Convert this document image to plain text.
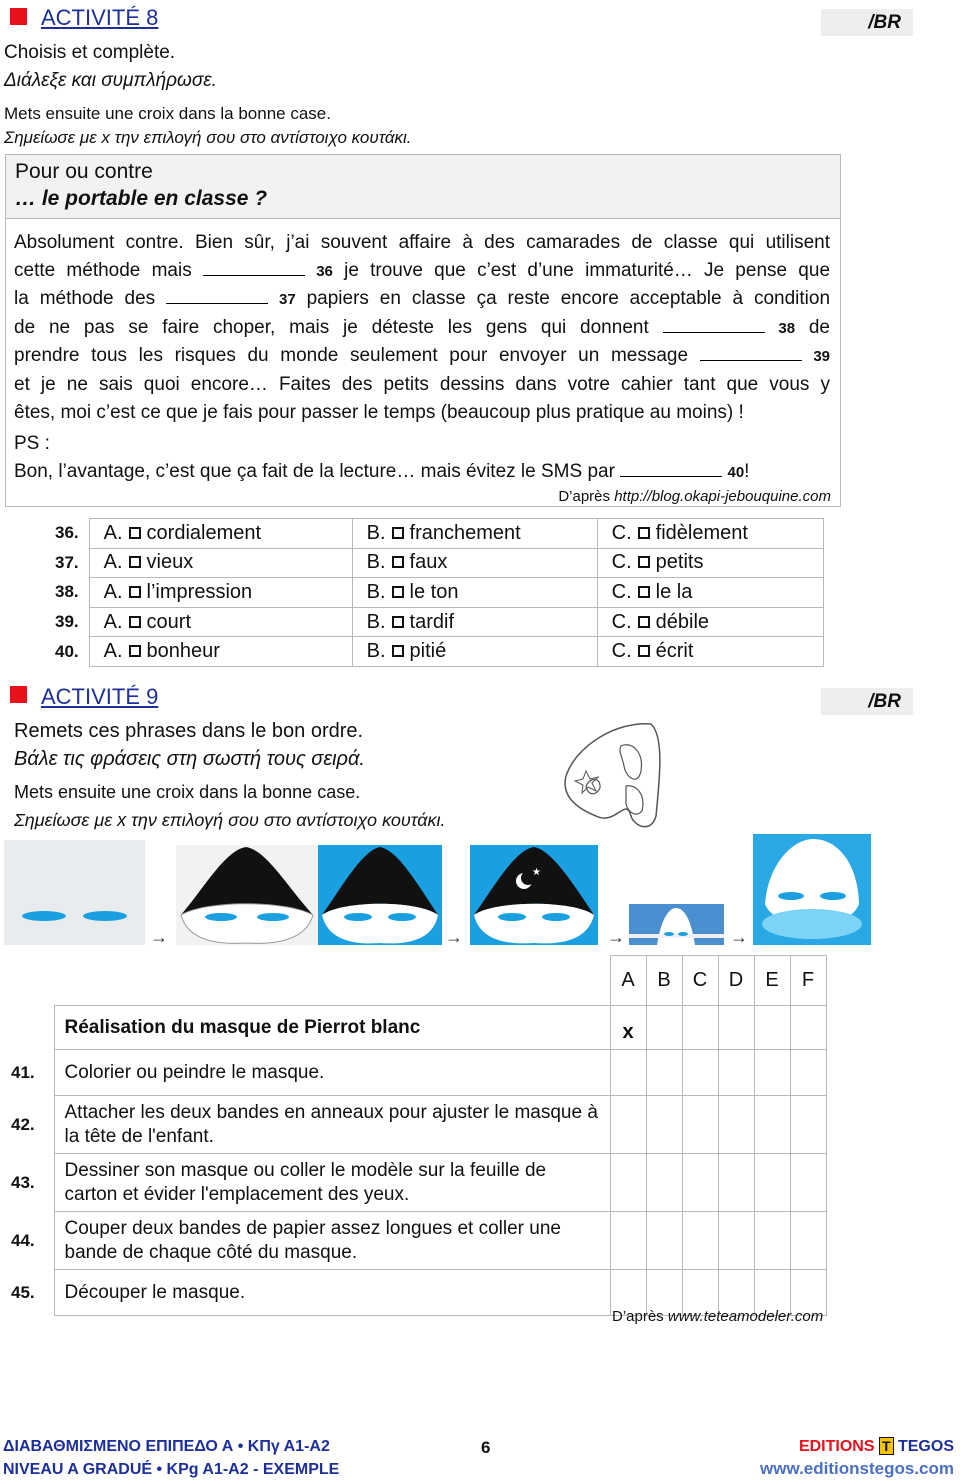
ACTIVITÉ 8	/BR
Choisis et complète.
Διάλεξε και συμπλήρωσε.
Mets ensuite une croix dans la bonne case.
Σημείωσε με x την επιλογή σου στο αντίστοιχο κουτάκι.
Pour ou contre
… le portable en classe ?
Absolument contre. Bien sûr, j’ai souvent affaire à des camarades de classe qui utilisent
cette méthode mais	36 je trouve que c’est d’une immaturité… Je pense que
la méthode des	37 papiers en classe ça reste encore acceptable à condition
de ne pas se faire choper, mais je déteste les gens qui donnent	38 de
prendre tous les risques du monde seulement pour envoyer un message	39
et je ne sais quoi encore… Faites des petits dessins dans votre cahier tant que vous y
êtes, moi c’est ce que je fais pour passer le temps (beaucoup plus pratique au moins) !
PS :
Bon, l’avantage, c’est que ça fait de la lecture… mais évitez le SMS par	40!
D’après http://blog.okapi-jebouquine.com
36.	A. cordialement	B. franchement	C. fidèlement
37.	A. vieux	B. faux	C. petits
38.	A. l’impression	B. le ton	C. le la
39.	A. court	B. tardif	C. débile
40.	A. bonheur	B. pitié	C. écrit
ACTIVITÉ 9	/BR
Remets ces phrases dans le bon ordre.
Βάλε τις φράσεις στη σωστή τους σειρά.
Mets ensuite une croix dans la bonne case.
Σημείωσε με x την επιλογή σου στο αντίστοιχο κουτάκι.
★
→	→	→	→
		A	B	C	D	E	F
	Réalisation du masque de Pierrot blanc	x					

41.	Colorier ou peindre le masque.						
42.	Attacher les deux bandes en anneaux pour ajuster le masque à la tête de l'enfant.						
43.	Dessiner son masque ou coller le modèle sur la feuille de carton et évider l'emplacement des yeux.						
44.	Couper deux bandes de papier assez longues et coller une bande de chaque côté du masque.						
45.	Découper le masque.						
D’après www.teteamodeler.com
ΔΙΑΒΑΘΜΙΣΜΕΝΟ ΕΠΙΠΕΔΟ Α • ΚΠγ Α1-Α2
NIVEAU A GRADUÉ • KPg A1-A2 - EXEMPLE
6	EDITIONS T TEGOS
www.editionstegos.com
